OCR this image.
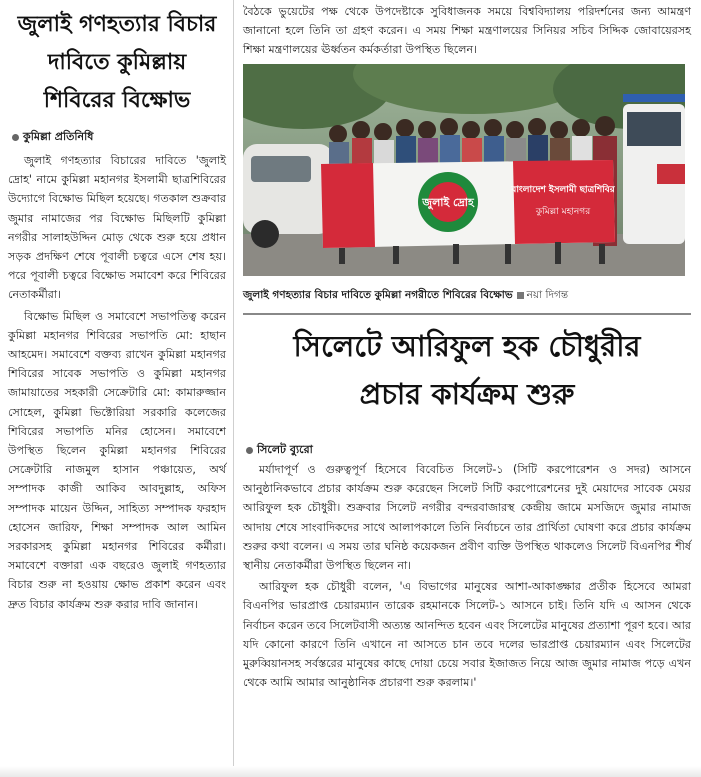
জুলাই গণহত্যার বিচার
দাবিতে কুমিল্লায়
শিবিরের বিক্ষোভ
কুমিল্লা প্রতিনিধি

জুলাই গণহত্যার বিচারের দাবিতে 'জুলাই দ্রোহ' নামে কুমিল্লা মহানগর ইসলামী ছাত্রশিবিরের উদ্যোগে বিক্ষোভ মিছিল হয়েছে। গতকাল শুক্রবার জুমার নামাজের পর বিক্ষোভ মিছিলটি কুমিল্লা নগরীর সালাহউদ্দিন মোড় থেকে শুরু হয়ে প্রধান সড়ক প্রদক্ষিণ শেষে পূবালী চত্বরে এসে শেষ হয়। পরে পূবালী চত্বরে বিক্ষোভ সমাবেশ করে শিবিরের নেতাকর্মীরা।

বিক্ষোভ মিছিল ও সমাবেশে সভাপতিত্ব করেন কুমিল্লা মহানগর শিবিরের সভাপতি মো: হাছান আহমেদ। সমাবেশে বক্তব্য রাখেন কুমিল্লা মহানগর শিবিরের সাবেক সভাপতি ও কুমিল্লা মহানগর জামায়াতের সহকারী সেক্রেটারি মো: কামারুজ্জান সোহেল, কুমিল্লা ভিক্টোরিয়া সরকারি কলেজের শিবিরের সভাপতি মনির হোসেন। সমাবেশে উপস্থিত ছিলেন কুমিল্লা মহানগর শিবিরের সেক্রেটারি নাজমুল হাসান পঞ্চায়েত, অর্থ সম্পাদক কাজী আকিব আবদুল্লাহ, অফিস সম্পাদক মায়েন উদ্দিন, সাহিত্য সম্পাদক ফরহাদ হোসেন জারিফ, শিক্ষা সম্পাদক আল আমিন সরকারসহ কুমিল্লা মহানগর শিবিরের কর্মীরা। সমাবেশে বক্তারা এক বছরেও জুলাই গণহত্যার বিচার শুরু না হওয়ায় ক্ষোভ প্রকাশ করেন এবং দ্রুত বিচার কার্যক্রম শুরু করার দাবি জানান।

বৈঠকে ভুয়েটের পক্ষ থেকে উপদেষ্টাকে সুবিধাজনক সময়ে বিশ্ববিদ্যালয় পরিদর্শনের জন্য আমন্ত্রণ জানানো হলে তিনি তা গ্রহণ করেন। এ সময় শিক্ষা মন্ত্রণালয়ের সিনিয়র সচিব সিদ্দিক জোবায়েরসহ শিক্ষা মন্ত্রণালয়ের ঊর্ধ্বতন কর্মকর্তারা উপস্থিত ছিলেন।

জুলাই দ্রোহ
বাংলাদেশ ইসলামী ছাত্রশিবির
কুমিল্লা মহানগর
জুলাই গণহত্যার বিচার দাবিতে কুমিল্লা নগরীতে শিবিরের বিক্ষোভ নয়া দিগন্ত
সিলেটে আরিফুল হক চৌধুরীর
প্রচার কার্যক্রম শুরু
সিলেট ব্যুরো

মর্যাদাপূর্ণ ও গুরুত্বপূর্ণ হিসেবে বিবেচিত সিলেট-১ (সিটি করপোরেশন ও সদর) আসনে আনুষ্ঠানিকভাবে প্রচার কার্যক্রম শুরু করেছেন সিলেট সিটি করপোরেশনের দুই মেয়াদের সাবেক মেয়র আরিফুল হক চৌধুরী। শুক্রবার সিলেট নগরীর বন্দরবাজারস্থ কেন্দ্রীয় জামে মসজিদে জুমার নামাজ আদায় শেষে সাংবাদিকদের সাথে আলাপকালে তিনি নির্বাচনে তার প্রার্থিতা ঘোষণা করে প্রচার কার্যক্রম শুরুর কথা বলেন। এ সময় তার ঘনিষ্ঠ কয়েকজন প্রবীণ ব্যক্তি উপস্থিত থাকলেও সিলেট বিএনপির শীর্ষ স্থানীয় নেতাকর্মীরা উপস্থিত ছিলেন না।

আরিফুল হক চৌধুরী বলেন, 'এ বিভাগের মানুষের আশা-আকাঙ্ক্ষার প্রতীক হিসেবে আমরা বিএনপির ভারপ্রাপ্ত চেয়ারম্যান তারেক রহমানকে সিলেট-১ আসনে চাই। তিনি যদি এ আসন থেকে নির্বাচন করেন তবে সিলেটবাসী অত্যন্ত আনন্দিত হবেন এবং সিলেটের মানুষের প্রত্যাশা পূরণ হবে। আর যদি কোনো কারণে তিনি এখানে না আসতে চান তবে দলের ভারপ্রাপ্ত চেয়ারম্যান এবং সিলেটের মুরুব্বিয়ানসহ সর্বস্তরের মানুষের কাছে দোয়া চেয়ে সবার ইজাজত নিয়ে আজ জুমার নামাজ পড়ে এখন থেকে আমি আমার আনুষ্ঠানিক প্রচারণা শুরু করলাম।'
